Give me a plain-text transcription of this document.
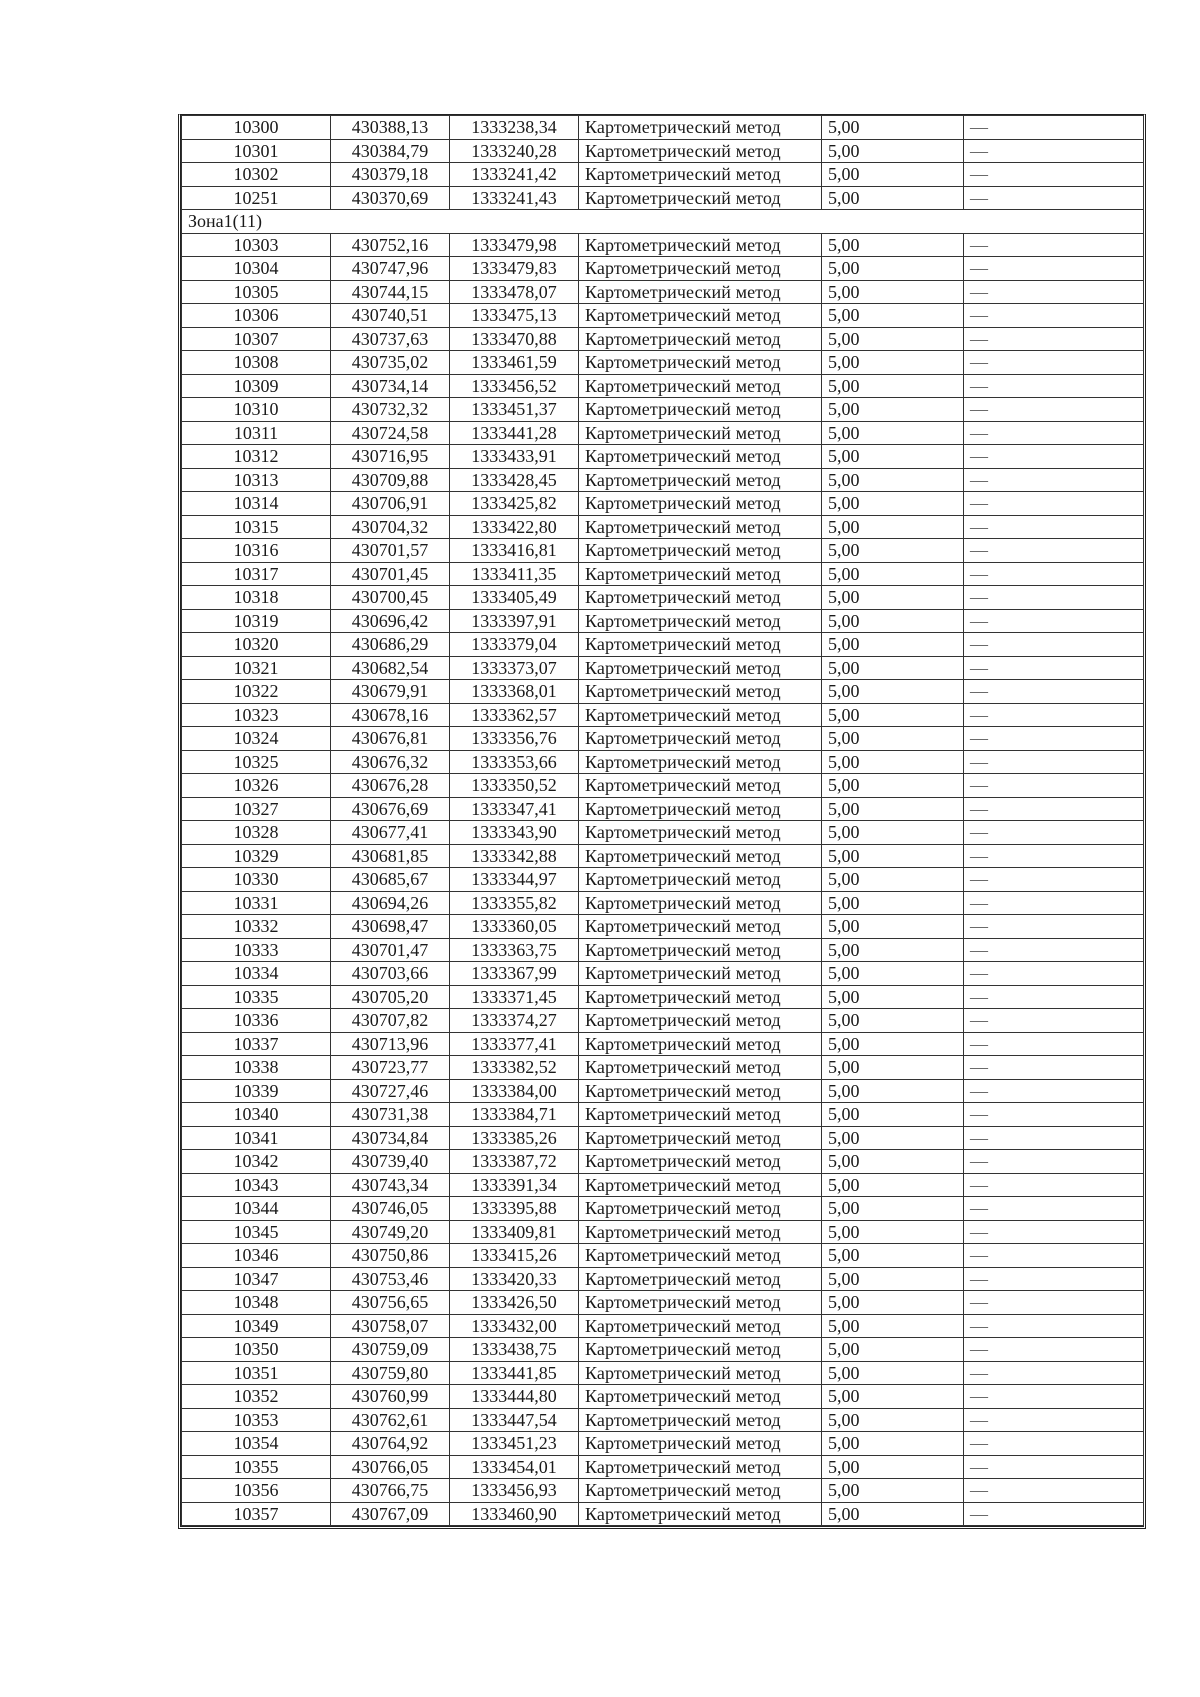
10300	430388,13	1333238,34	Картометрический метод	5,00	—
10301	430384,79	1333240,28	Картометрический метод	5,00	—
10302	430379,18	1333241,42	Картометрический метод	5,00	—
10251	430370,69	1333241,43	Картометрический метод	5,00	—
Зона1(11)					
10303	430752,16	1333479,98	Картометрический метод	5,00	—
10304	430747,96	1333479,83	Картометрический метод	5,00	—
10305	430744,15	1333478,07	Картометрический метод	5,00	—
10306	430740,51	1333475,13	Картометрический метод	5,00	—
10307	430737,63	1333470,88	Картометрический метод	5,00	—
10308	430735,02	1333461,59	Картометрический метод	5,00	—
10309	430734,14	1333456,52	Картометрический метод	5,00	—
10310	430732,32	1333451,37	Картометрический метод	5,00	—
10311	430724,58	1333441,28	Картометрический метод	5,00	—
10312	430716,95	1333433,91	Картометрический метод	5,00	—
10313	430709,88	1333428,45	Картометрический метод	5,00	—
10314	430706,91	1333425,82	Картометрический метод	5,00	—
10315	430704,32	1333422,80	Картометрический метод	5,00	—
10316	430701,57	1333416,81	Картометрический метод	5,00	—
10317	430701,45	1333411,35	Картометрический метод	5,00	—
10318	430700,45	1333405,49	Картометрический метод	5,00	—
10319	430696,42	1333397,91	Картометрический метод	5,00	—
10320	430686,29	1333379,04	Картометрический метод	5,00	—
10321	430682,54	1333373,07	Картометрический метод	5,00	—
10322	430679,91	1333368,01	Картометрический метод	5,00	—
10323	430678,16	1333362,57	Картометрический метод	5,00	—
10324	430676,81	1333356,76	Картометрический метод	5,00	—
10325	430676,32	1333353,66	Картометрический метод	5,00	—
10326	430676,28	1333350,52	Картометрический метод	5,00	—
10327	430676,69	1333347,41	Картометрический метод	5,00	—
10328	430677,41	1333343,90	Картометрический метод	5,00	—
10329	430681,85	1333342,88	Картометрический метод	5,00	—
10330	430685,67	1333344,97	Картометрический метод	5,00	—
10331	430694,26	1333355,82	Картометрический метод	5,00	—
10332	430698,47	1333360,05	Картометрический метод	5,00	—
10333	430701,47	1333363,75	Картометрический метод	5,00	—
10334	430703,66	1333367,99	Картометрический метод	5,00	—
10335	430705,20	1333371,45	Картометрический метод	5,00	—
10336	430707,82	1333374,27	Картометрический метод	5,00	—
10337	430713,96	1333377,41	Картометрический метод	5,00	—
10338	430723,77	1333382,52	Картометрический метод	5,00	—
10339	430727,46	1333384,00	Картометрический метод	5,00	—
10340	430731,38	1333384,71	Картометрический метод	5,00	—
10341	430734,84	1333385,26	Картометрический метод	5,00	—
10342	430739,40	1333387,72	Картометрический метод	5,00	—
10343	430743,34	1333391,34	Картометрический метод	5,00	—
10344	430746,05	1333395,88	Картометрический метод	5,00	—
10345	430749,20	1333409,81	Картометрический метод	5,00	—
10346	430750,86	1333415,26	Картометрический метод	5,00	—
10347	430753,46	1333420,33	Картометрический метод	5,00	—
10348	430756,65	1333426,50	Картометрический метод	5,00	—
10349	430758,07	1333432,00	Картометрический метод	5,00	—
10350	430759,09	1333438,75	Картометрический метод	5,00	—
10351	430759,80	1333441,85	Картометрический метод	5,00	—
10352	430760,99	1333444,80	Картометрический метод	5,00	—
10353	430762,61	1333447,54	Картометрический метод	5,00	—
10354	430764,92	1333451,23	Картометрический метод	5,00	—
10355	430766,05	1333454,01	Картометрический метод	5,00	—
10356	430766,75	1333456,93	Картометрический метод	5,00	—
10357	430767,09	1333460,90	Картометрический метод	5,00	—
